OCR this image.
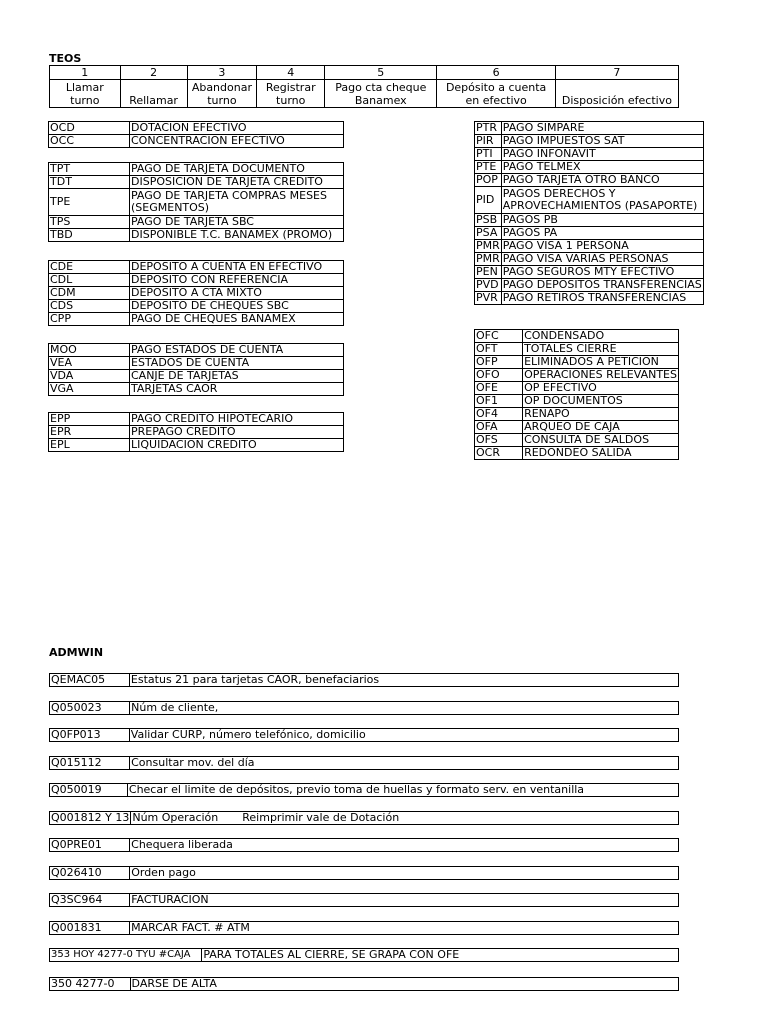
TEOS
1	2	3	4	5	6	7
Llamar turno	Rellamar	Abandonar turno	Registrar turno	Pago cta cheque Banamex	Depósito a cuenta en efectivo	Disposición efectivo
OCD	DOTACION EFECTIVO
OCC	CONCENTRACION EFECTIVO
TPT	PAGO DE TARJETA DOCUMENTO
TDT	DISPOSICION DE TARJETA CREDITO
TPE	PAGO DE TARJETA COMPRAS MESES (SEGMENTOS)
TPS	PAGO DE TARJETA SBC
TBD	DISPONIBLE T.C. BANAMEX (PROMO)
CDE	DEPOSITO A CUENTA EN EFECTIVO
CDL	DEPOSITO CON REFERENCIA
CDM	DEPOSITO A CTA MIXTO
CDS	DEPOSITO DE CHEQUES SBC
CPP	PAGO DE CHEQUES BANAMEX
MOO	PAGO ESTADOS DE CUENTA
VEA	ESTADOS DE CUENTA
VDA	CANJE DE TARJETAS
VGA	TARJETAS CAOR
EPP	PAGO CREDITO HIPOTECARIO
EPR	PREPAGO CREDITO
EPL	LIQUIDACION CREDITO
PTR	PAGO SIMPARE
PIR	PAGO IMPUESTOS SAT
PTI	PAGO INFONAVIT
PTE	PAGO TELMEX
POP	PAGO TARJETA OTRO BANCO
PID	PAGOS DERECHOS Y APROVECHAMIENTOS (PASAPORTE)
PSB	PAGOS PB
PSA	PAGOS PA
PMR	PAGO VISA 1 PERSONA
PMR	PAGO VISA VARIAS PERSONAS
PEN	PAGO SEGUROS MTY EFECTIVO
PVD	PAGO DEPOSITOS TRANSFERENCIAS
PVR	PAGO RETIROS TRANSFERENCIAS
OFC	CONDENSADO
OFT	TOTALES CIERRE
OFP	ELIMINADOS A PETICION
OFO	OPERACIONES RELEVANTES
OFE	OP EFECTIVO
OF1	OP DOCUMENTOS
OF4	RENAPO
OFA	ARQUEO DE CAJA
OFS	CONSULTA DE SALDOS
OCR	REDONDEO SALIDA
ADMWIN
QEMAC05	Estatus 21 para tarjetas CAOR, benefaciarios
Q050023	Núm de cliente,
Q0FP013	Validar CURP, número telefónico, domicilio
Q015112	Consultar mov. del día
Q050019	Checar el limite de depósitos, previo toma de huellas y formato serv. en ventanilla
Q001812 Y 13	Núm Operación Reimprimir vale de Dotación
Q0PRE01	Chequera liberada
Q026410	Orden pago
Q3SC964	FACTURACION
Q001831	MARCAR FACT. # ATM
353 HOY 4277-0 TYU #CAJA	PARA TOTALES AL CIERRE, SE GRAPA CON OFE
350 4277-0	DARSE DE ALTA
